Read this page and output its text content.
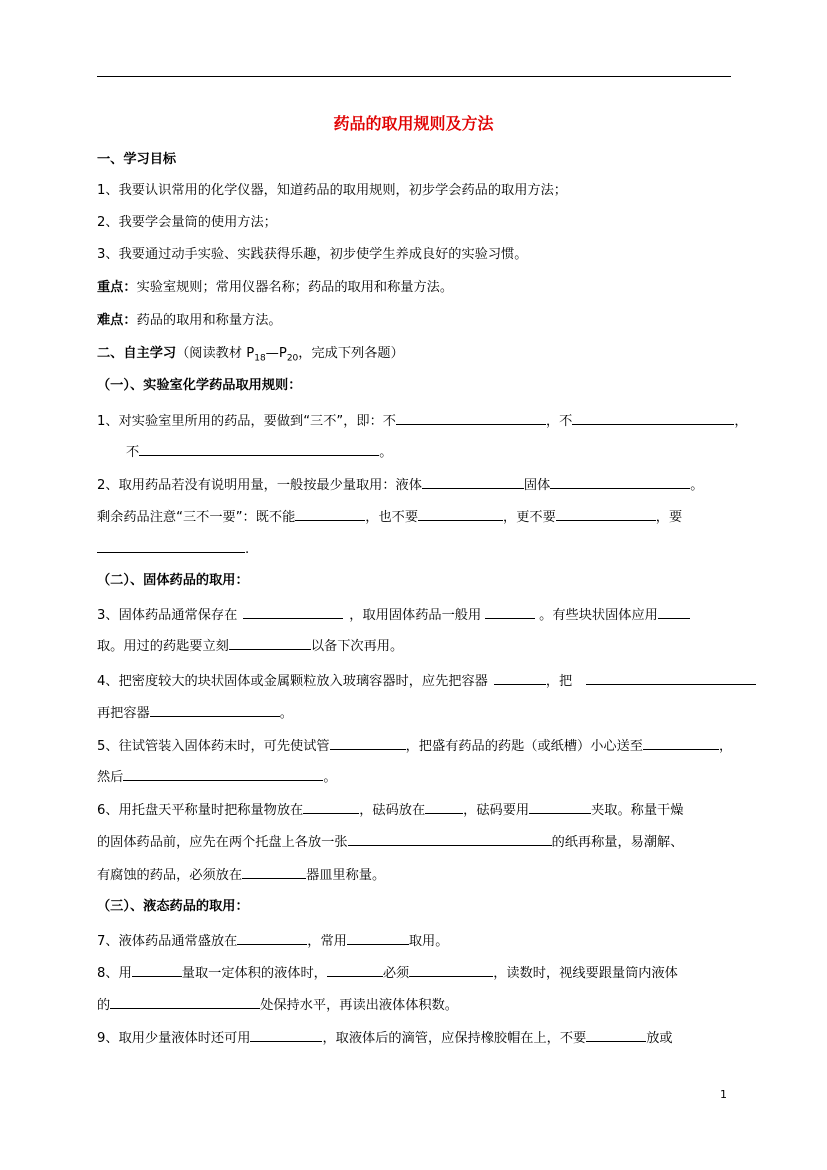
药品的取用规则及方法
一、学习目标
1、我要认识常用的化学仪器，知道药品的取用规则，初步学会药品的取用方法；
2、我要学会量筒的使用方法；
3、我要通过动手实验、实践获得乐趣，初步使学生养成良好的实验习惯。
重点：实验室规则；常用仪器名称；药品的取用和称量方法。
难点：药品的取用和称量方法。
二、自主学习（阅读教材 $P_{18}—P_{20}$，完成下列各题）
（一）、实验室化学药品取用规则：
1、对实验室里所用的药品，要做到“三不”，即：不	，不	，
不	。
2、取用药品若没有说明用量，一般按最少量取用：液体	固体	。
剩余药品注意“三不一要”：既不能	，也不要	，更不要	，要
.
（二）、固体药品的取用：
3、固体药品通常保存在	，取用固体药品一般用	。有些块状固体应用
取。用过的药匙要立刻	以备下次再用。
4、把密度较大的块状固体或金属颗粒放入玻璃容器时，应先把容器	，把
再把容器	。
5、往试管装入固体药末时，可先使试管	，把盛有药品的药匙（或纸槽）小心送至	，
然后	。
6、用托盘天平称量时把称量物放在	，砝码放在	，砝码要用	夹取。称量干燥
的固体药品前，应先在两个托盘上各放一张	的纸再称量，易潮解、
有腐蚀的药品，必须放在	器皿里称量。
（三）、液态药品的取用：
7、液体药品通常盛放在	，常用	取用。
8、用	量取一定体积的液体时，	必须	，读数时，视线要跟量筒内液体
的	处保持水平，再读出液体体积数。
9、取用少量液体时还可用	，取液体后的滴管，应保持橡胶帽在上，不要	放或
1
